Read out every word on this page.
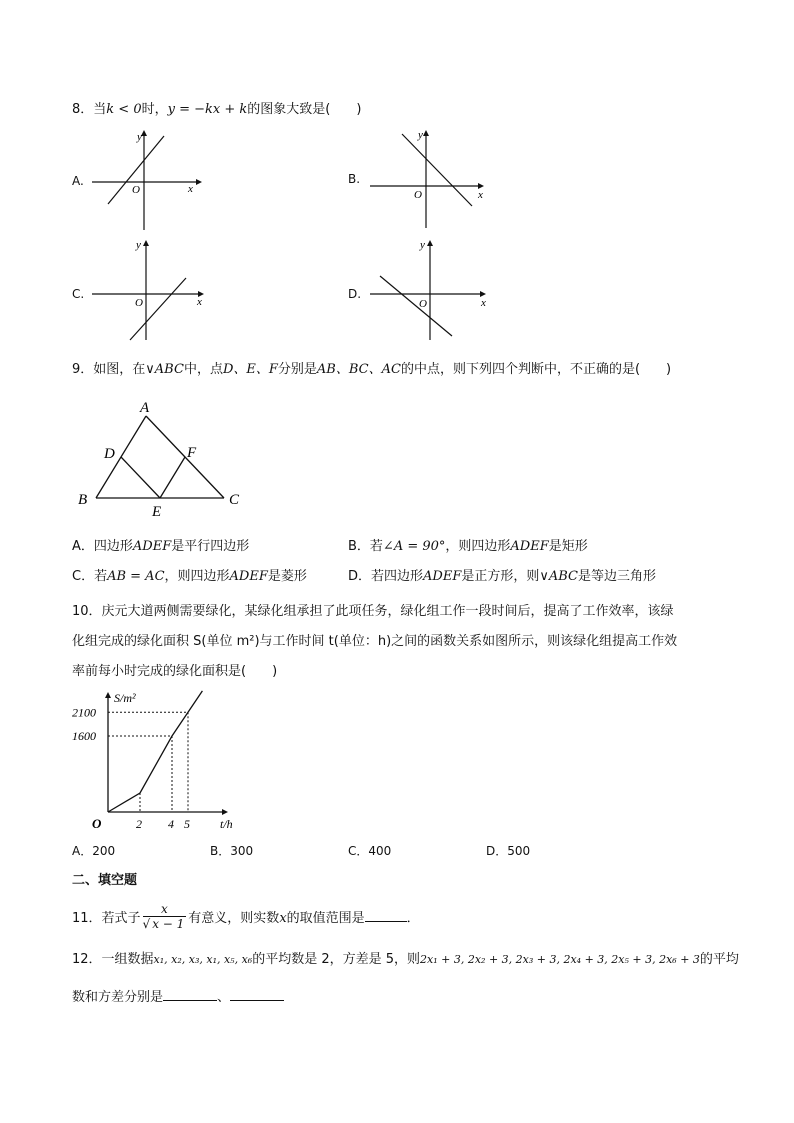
8．当k < 0时，y = −kx + k的图象大致是(　　)
A.
y
x
O
B.
y
x
O
C.
y
x
O
D.
y
x
O
9．如图，在∨ABC中，点D、E、F分别是AB、BC、AC的中点，则下列四个判断中，不正确的是(　　)
A
B	C
D
E
F
A．四边形ADEF是平行四边形	B．若∠A = 90°，则四边形ADEF是矩形
C．若AB = AC，则四边形ADEF是菱形	D．若四边形ADEF是正方形，则∨ABC是等边三角形
10．庆元大道两侧需要绿化，某绿化组承担了此项任务，绿化组工作一段时间后，提高了工作效率，该绿
化组完成的绿化面积 S(单位 m²)与工作时间 t(单位：h)之间的函数关系如图所示，则该绿化组提高工作效
率前每小时完成的绿化面积是(　　)
2 4 5
1600
2100
S/m²
t/h
O
A．200	B．300	C．400	D．500
二、填空题
11．若式子 $\frac{x}{√ x - 1}$ 有意义，则实数x的取值范围是	．
12．一组数据x₁, x₂, x₃, x₁, x₅, x₆的平均数是 2，方差是 5，则2x₁ + 3, 2x₂ + 3, 2x₃ + 3, 2x₄ + 3, 2x₅ + 3, 2x₆ + 3的平均
数和方差分别是	、
